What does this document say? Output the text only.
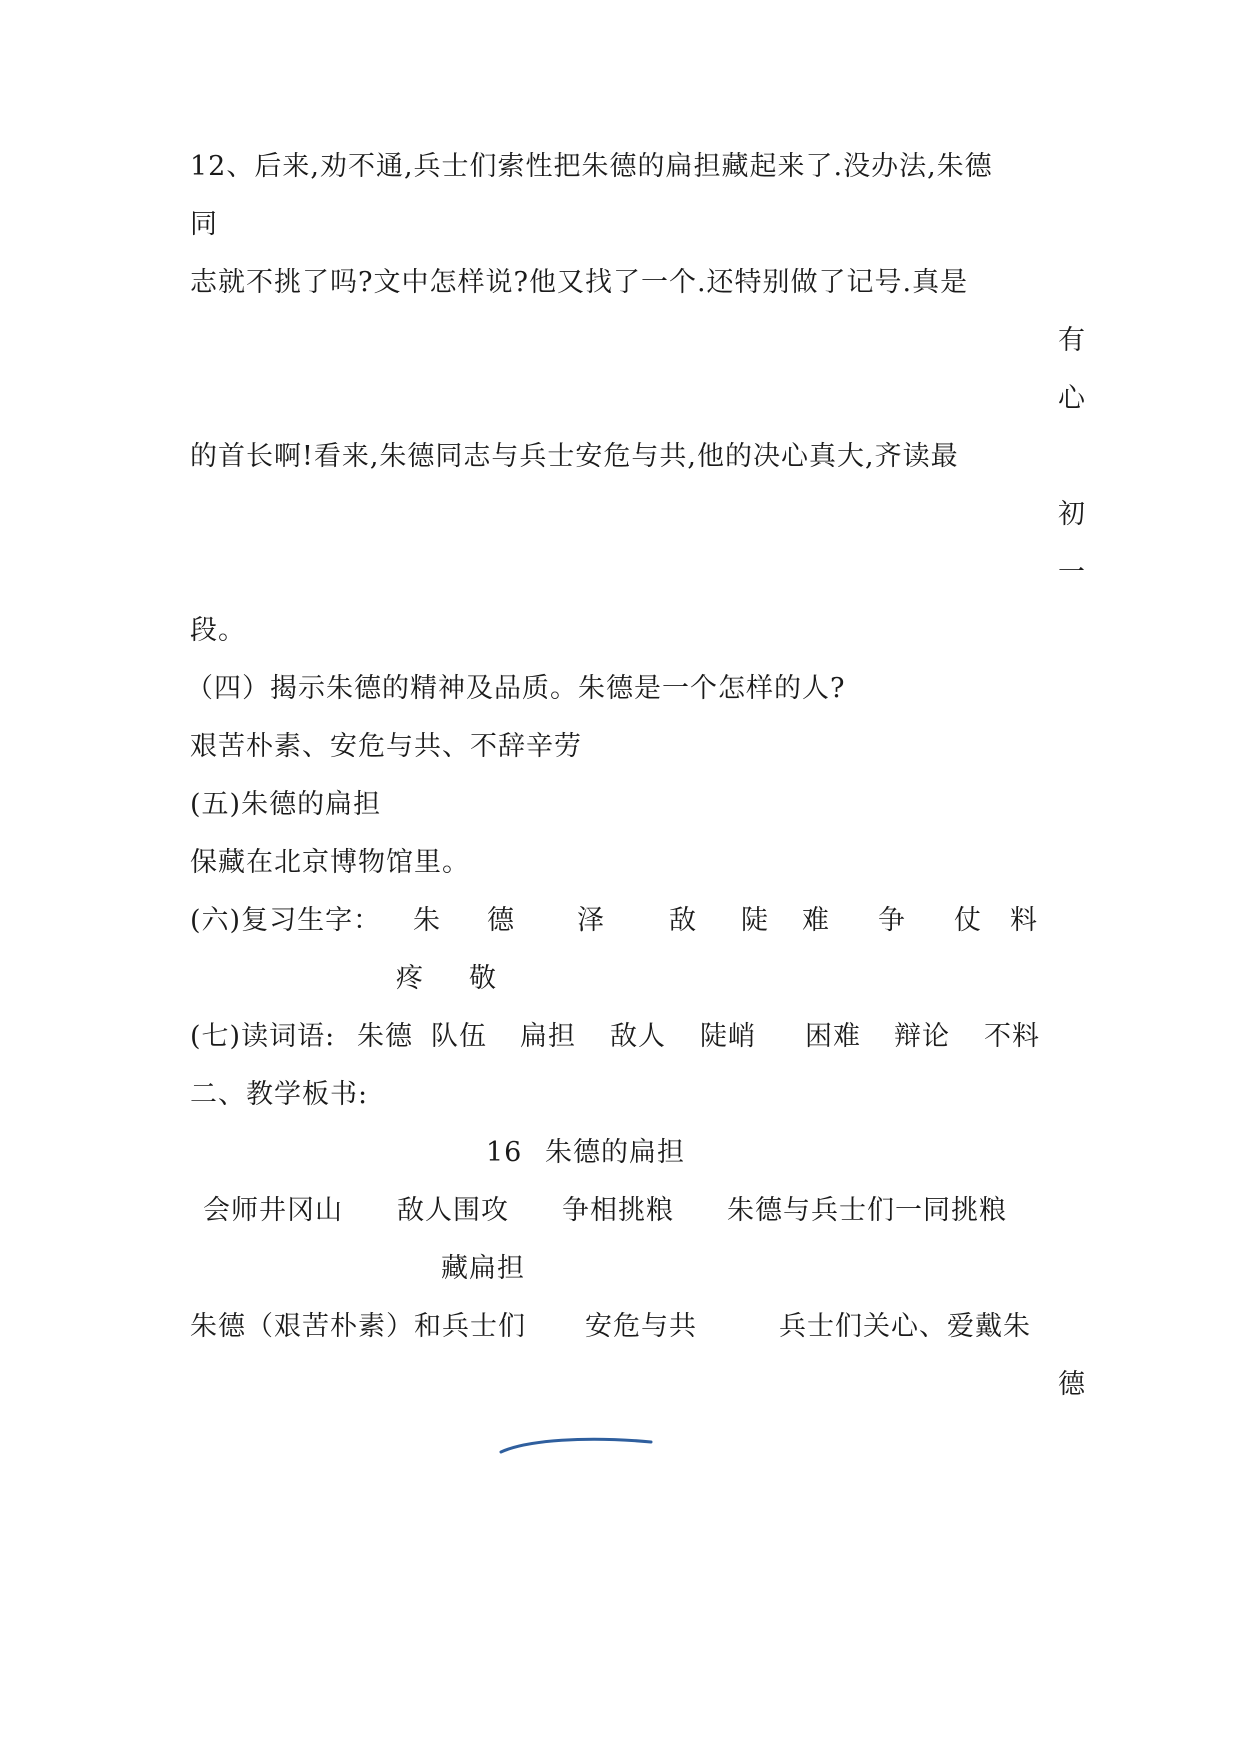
12、后来,劝不通,兵士们索性把朱德的扁担藏起来了.没办法,朱德
同
志就不挑了吗?文中怎样说?他又找了一个.还特别做了记号.真是
有
心
的首长啊!看来,朱德同志与兵士安危与共,他的决心真大,齐读最
初
一
段。
（四）揭示朱德的精神及品质。朱德是一个怎样的人?
艰苦朴素、安危与共、不辞辛劳
(五)朱德的扁担
保藏在北京博物馆里。
(六)复习生字： 朱 德 泽 敌 陡 难 争 仗 料
疼 敬
(七)读词语: 朱德 队伍 扁担 敌人 陡峭 困难 辩论 不料
二、教学板书:
16 朱德的扁担
会师井冈山 敌人围攻 争相挑粮 朱德与兵士们一同挑粮
藏扁担
朱德（艰苦朴素）和兵士们 安危与共	兵士们关心、爱戴朱
德
